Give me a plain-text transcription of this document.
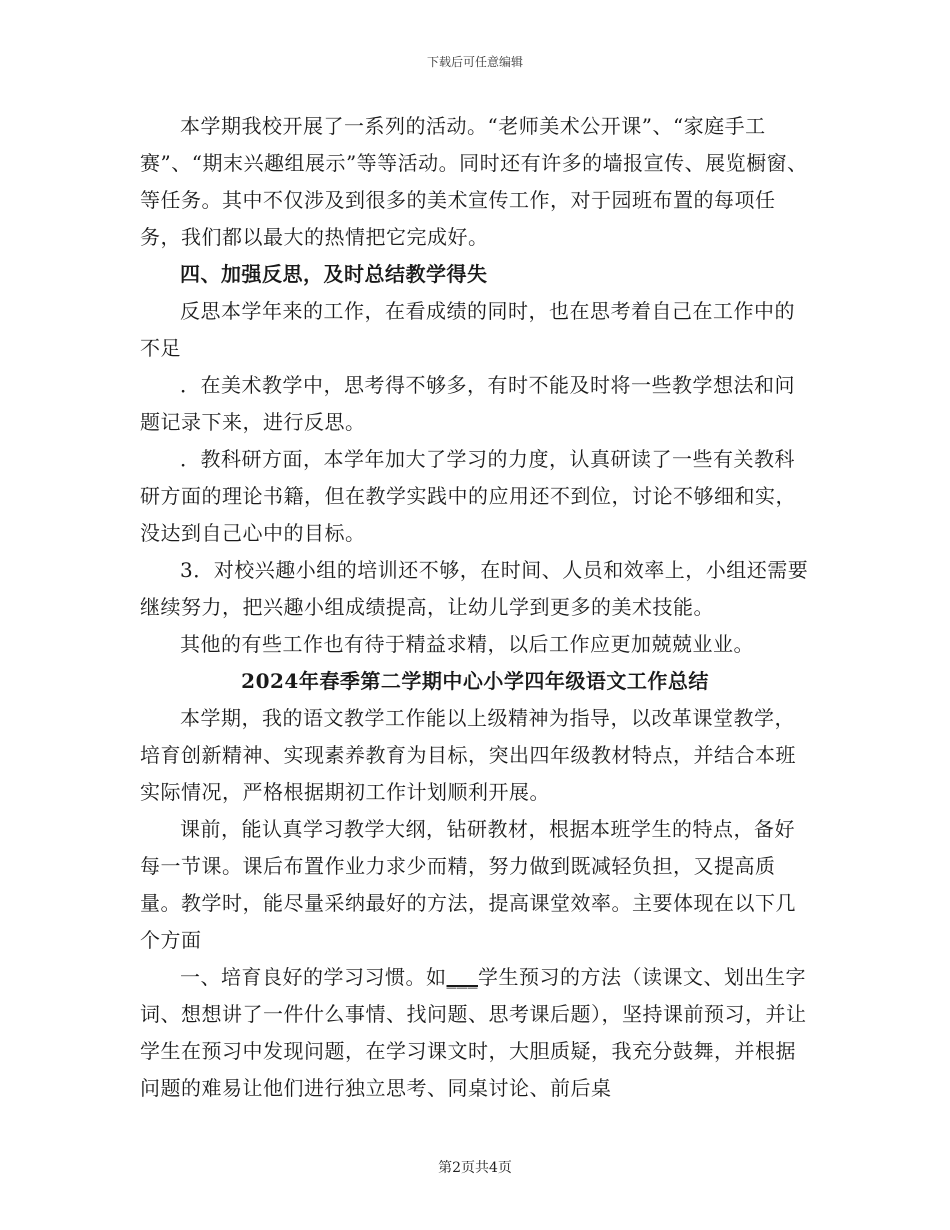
下载后可任意编辑

本学期我校开展了一系列的活动。“老师美术公开课”、“家庭手工赛”、“期末兴趣组展示”等等活动。同时还有许多的墙报宣传、展览橱窗、等任务。其中不仅涉及到很多的美术宣传工作，对于园班布置的每项任务，我们都以最大的热情把它完成好。

四、加强反思，及时总结教学得失

反思本学年来的工作，在看成绩的同时，也在思考着自己在工作中的不足

．在美术教学中，思考得不够多，有时不能及时将一些教学想法和问题记录下来，进行反思。

．教科研方面，本学年加大了学习的力度，认真研读了一些有关教科研方面的理论书籍，但在教学实践中的应用还不到位，讨论不够细和实，没达到自己心中的目标。

3．对校兴趣小组的培训还不够，在时间、人员和效率上，小组还需要继续努力，把兴趣小组成绩提高，让幼儿学到更多的美术技能。

其他的有些工作也有待于精益求精，以后工作应更加兢兢业业。

2024年春季第二学期中心小学四年级语文工作总结

本学期，我的语文教学工作能以上级精神为指导，以改革课堂教学，培育创新精神、实现素养教育为目标，突出四年级教材特点，并结合本班实际情况，严格根据期初工作计划顺利开展。

课前，能认真学习教学大纲，钻研教材，根据本班学生的特点，备好每一节课。课后布置作业力求少而精，努力做到既减轻负担，又提高质量。教学时，能尽量采纳最好的方法，提高课堂效率。主要体现在以下几个方面

一、培育良好的学习习惯。如___学生预习的方法（读课文、划出生字词、想想讲了一件什么事情、找问题、思考课后题），坚持课前预习，并让学生在预习中发现问题，在学习课文时，大胆质疑，我充分鼓舞，并根据问题的难易让他们进行独立思考、同桌讨论、前后桌

第2页共4页
